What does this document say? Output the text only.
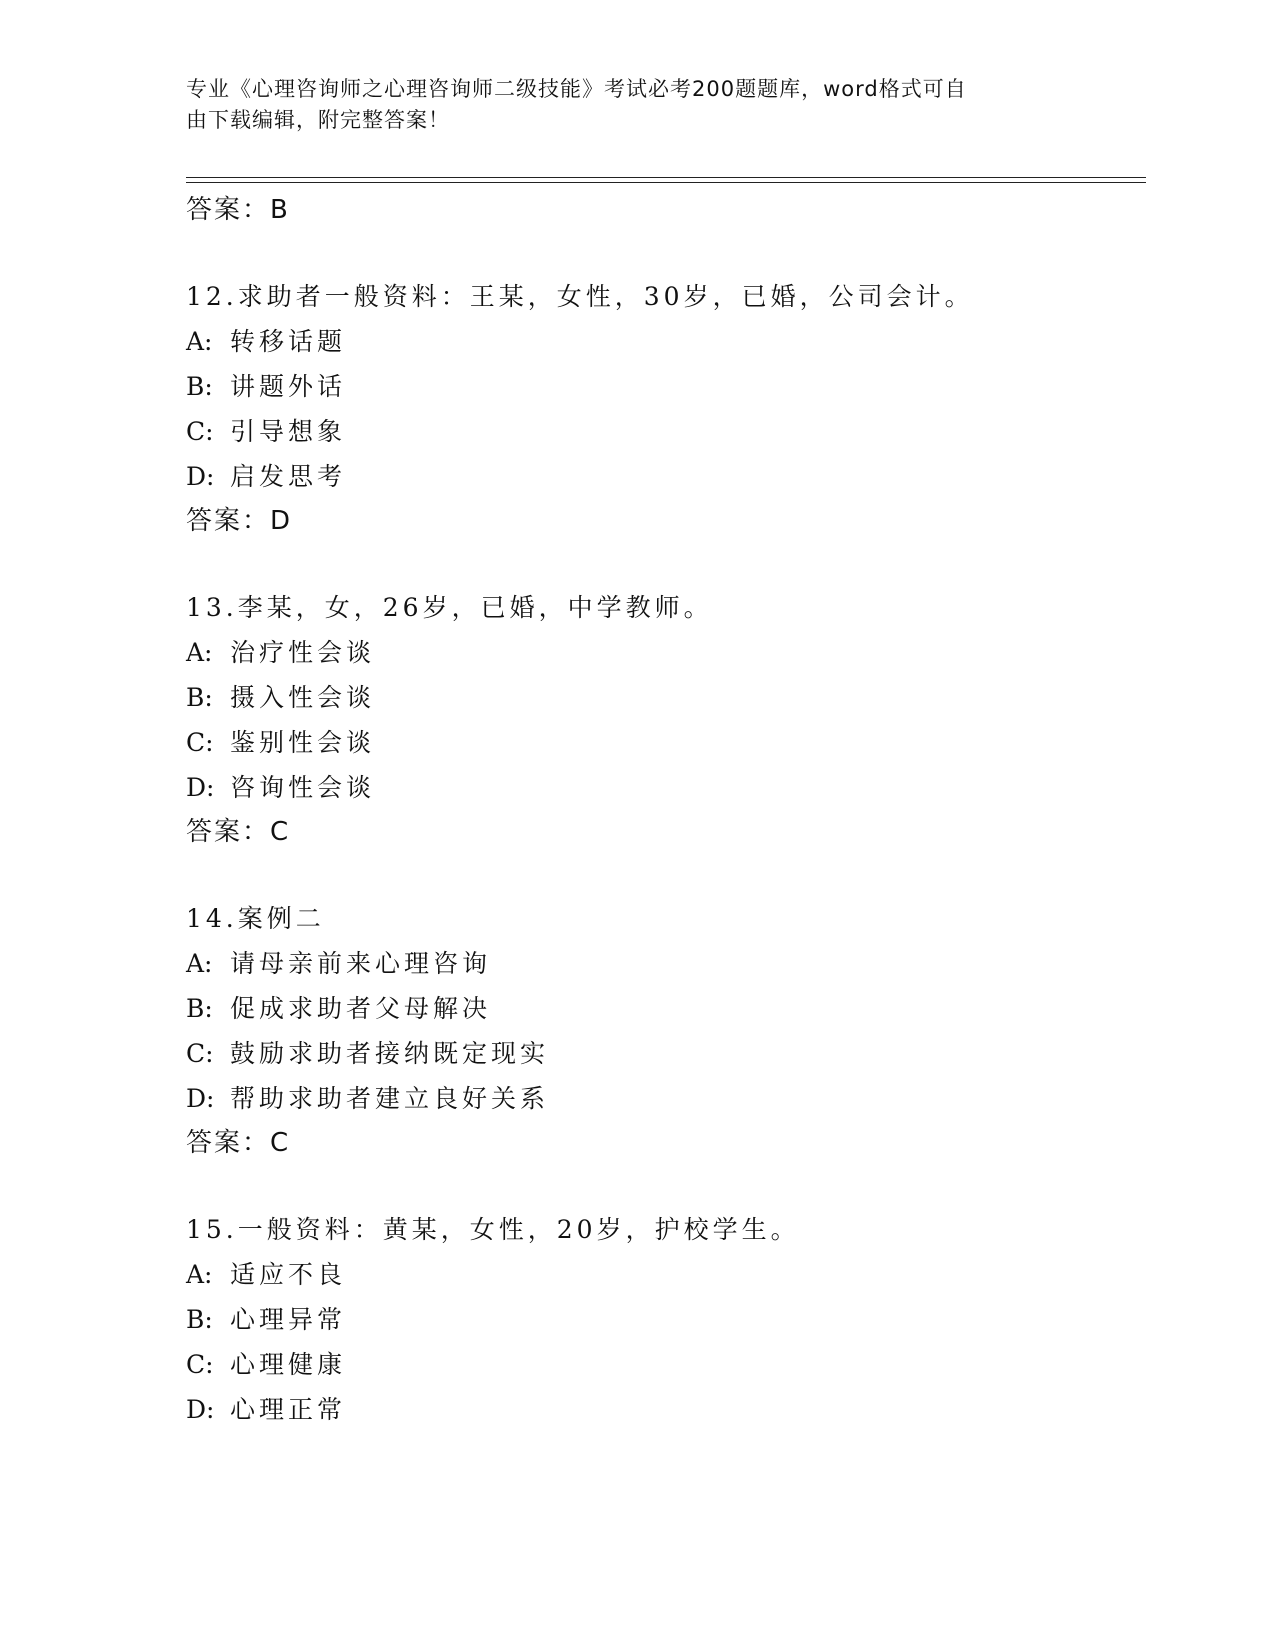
专业《心理咨询师之心理咨询师二级技能》考试必考200题题库，word格式可自
由下载编辑，附完整答案！
答案：B
12.求助者一般资料：王某，女性，30岁，已婚，公司会计。
A: 转移话题
B: 讲题外话
C: 引导想象
D: 启发思考
答案：D
13.李某，女，26岁，已婚，中学教师。
A: 治疗性会谈
B: 摄入性会谈
C: 鉴别性会谈
D: 咨询性会谈
答案：C
14.案例二
A: 请母亲前来心理咨询
B: 促成求助者父母解决
C: 鼓励求助者接纳既定现实
D: 帮助求助者建立良好关系
答案：C
15.一般资料：黄某，女性，20岁，护校学生。
A: 适应不良
B: 心理异常
C: 心理健康
D: 心理正常
